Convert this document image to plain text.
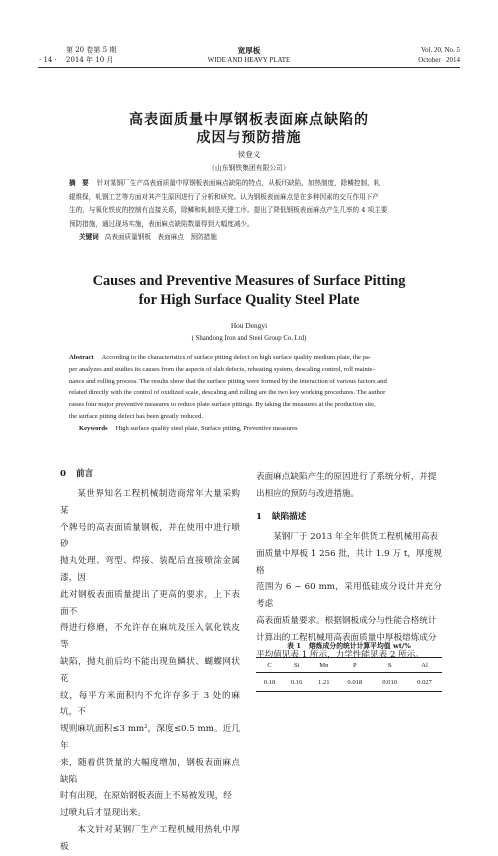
· 14 ·
第 20 卷第 5 期
2014 年 10 月
宽厚板
WIDE AND HEAVY PLATE
Vol. 20, No. 5
October   2014
高表面质量中厚钢板表面麻点缺陷的
成因与预防措施
侯登义
（山东钢铁集团有限公司）
摘　要 针对某钢厂生产高表面质量中厚钢板表面麻点缺陷的特点，从板坯缺陷，加热制度，除鳞控制，轧
辊维保，轧钢工艺等方面对其产生原因进行了分析和研究。认为钢板表面麻点是在多种因素的交互作用下产
生的，与氧化铁皮的控制有直接关系，除鳞和轧制是关键工序。提出了降低钢板表面麻点产生几率的 4 项主要
预防措施，通过现场实施，表面麻点缺陷数量得到大幅度减少。
关键词 高表面质量钢板　表面麻点　预防措施
Causes and Preventive Measures of Surface Pitting
for High Surface Quality Steel Plate
Hou Dengyi
( Shandong Iron and Steel Group Co. Ltd)
Abstract According to the characteristics of surface pitting defect on high surface quality medium plate, the pa-
per analyzes and studies its causes from the aspects of slab defects, reheating system, descaling control, roll mainte-
nance and rolling process. The results show that the surface pitting were formed by the interaction of various factors and
related directly with the control of oxidized scale, descaling and rolling are the two key working procedures. The author
raises four major preventive measures to reduce plate surface pittings. By taking the measures at the production site,
the surface pitting defect has been greatly reduced.
Keywords High surface quality steel plate, Surface pitting, Preventive measures
0 前言
某世界知名工程机械制造商常年大量采购某
个牌号的高表面质量钢板，并在使用中进行喷砂
抛丸处理、弯型、焊接、装配后直接喷涂金属漆，因
此对钢板表面质量提出了更高的要求，上下表面不
得进行修磨，不允许存在麻坑及压入氧化铁皮等
缺陷，抛丸前后均不能出现鱼鳞状、蝴蝶网状花
纹，每平方米面积内不允许存多于 3 处的麻坑，不
规则麻坑面积≤3 mm²，深度≤0.5 mm。近几年
来，随着供货量的大幅度增加，钢板表面麻点缺陷
时有出现，在原始钢板表面上不易被发现，经
过喷丸后才显现出来。
本文针对某钢厂生产工程机械用热轧中厚板
表面麻点缺陷产生的原因进行了系统分析，并提
出相应的预防与改进措施。
1 缺陷描述
某钢厂于 2013 年全年供货工程机械用高表
面质量中厚板 1 256 批，共计 1.9 万 t，厚度规格
范围为 6 ~ 60 mm，采用低硅成分设计并充分考虑
高表面质量要求。根据钢板成分与性能合格统计
计算出的工程机械用高表面质量中厚板熔炼成分
平均值见表 1 所示，力学性能见表 2 所示。
表 1 熔炼成分的统计计算平均值 wt/%
C	Si	Mn	P	S	Al
0.18	0.16	1.21	0.018	0.010	0.027
